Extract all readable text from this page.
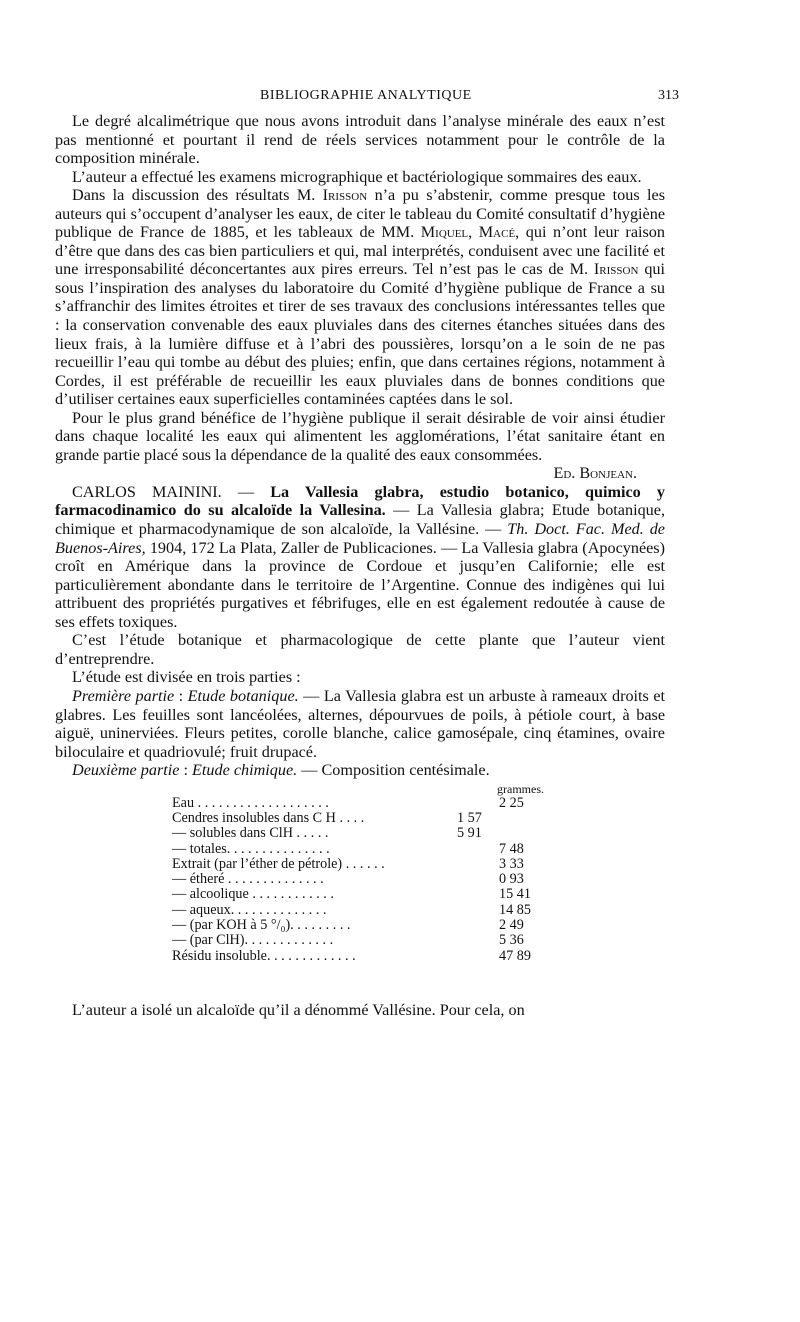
BIBLIOGRAPHIE ANALYTIQUE	313

Le degré alcalimétrique que nous avons introduit dans l’analyse minérale des eaux n’est pas mentionné et pourtant il rend de réels services notamment pour le contrôle de la composition minérale.

L’auteur a effectué les examens micrographique et bactériologique sommaires des eaux.

Dans la discussion des résultats M. Irisson n’a pu s’abstenir, comme presque tous les auteurs qui s’occupent d’analyser les eaux, de citer le tableau du Comité consultatif d’hygiène publique de France de 1885, et les tableaux de MM. Miquel, Macé, qui n’ont leur raison d’être que dans des cas bien particuliers et qui, mal interprétés, conduisent avec une facilité et une irresponsabilité déconcertantes aux pires erreurs. Tel n’est pas le cas de M. Irisson qui sous l’inspiration des analyses du laboratoire du Comité d’hygiène publique de France a su s’affranchir des limites étroites et tirer de ses travaux des conclusions intéressantes telles que : la conservation convenable des eaux pluviales dans des citernes étanches situées dans des lieux frais, à la lumière diffuse et à l’abri des poussières, lorsqu’on a le soin de ne pas recueillir l’eau qui tombe au début des pluies; enfin, que dans certaines régions, notamment à Cordes, il est préférable de recueillir les eaux pluviales dans de bonnes conditions que d’utiliser certaines eaux superficielles contaminées captées dans le sol.

Pour le plus grand bénéfice de l’hygiène publique il serait désirable de voir ainsi étudier dans chaque localité les eaux qui alimentent les agglomérations, l’état sanitaire étant en grande partie placé sous la dépendance de la qualité des eaux consommées.

Ed. Bonjean.

CARLOS MAININI. — La Vallesia glabra, estudio botanico, quimico y farmacodinamico do su alcaloïde la Vallesina. — La Vallesia glabra; Etude botanique, chimique et pharmacodynamique de son alcaloïde, la Vallésine. — Th. Doct. Fac. Med. de Buenos-Aires, 1904, 172 La Plata, Zaller de Publicaciones. — La Vallesia glabra (Apocynées) croît en Amérique dans la province de Cordoue et jusqu’en Californie; elle est particulièrement abondante dans le territoire de l’Argentine. Connue des indigènes qui lui attribuent des propriétés purgatives et fébrifuges, elle en est également redoutée à cause de ses effets toxiques.

C’est l’étude botanique et pharmacologique de cette plante que l’auteur vient d’entreprendre.

L’étude est divisée en trois parties :

Première partie : Etude botanique. — La Vallesia glabra est un arbuste à rameaux droits et glabres. Les feuilles sont lancéolées, alternes, dépourvues de poils, à pétiole court, à base aiguë, uninerviées. Fleurs petites, corolle blanche, calice gamosépale, cinq étamines, ovaire biloculaire et quadriovulé; fruit drupacé.

Deuxième partie : Etude chimique. — Composition centésimale.

grammes.
Eau . . . . . . . . . . . . . . . . . . .	2 25
Cendres insolubles dans C H . . . .	1 57
— solubles dans ClH . . . . .	5 91
— totales. . . . . . . . . . . . . . .	7 48
Extrait (par l’éther de pétrole) . . . . . .	3 33
— étheré . . . . . . . . . . . . . .	0 93
— alcoolique . . . . . . . . . . . .	15 41
— aqueux. . . . . . . . . . . . . .	14 85
— (par KOH à 5 °/₀). . . . . . . . .	2 49
— (par ClH). . . . . . . . . . . . .	5 36
Résidu insoluble. . . . . . . . . . . . .	47 89

L’auteur a isolé un alcaloïde qu’il a dénommé Vallésine. Pour cela, on
